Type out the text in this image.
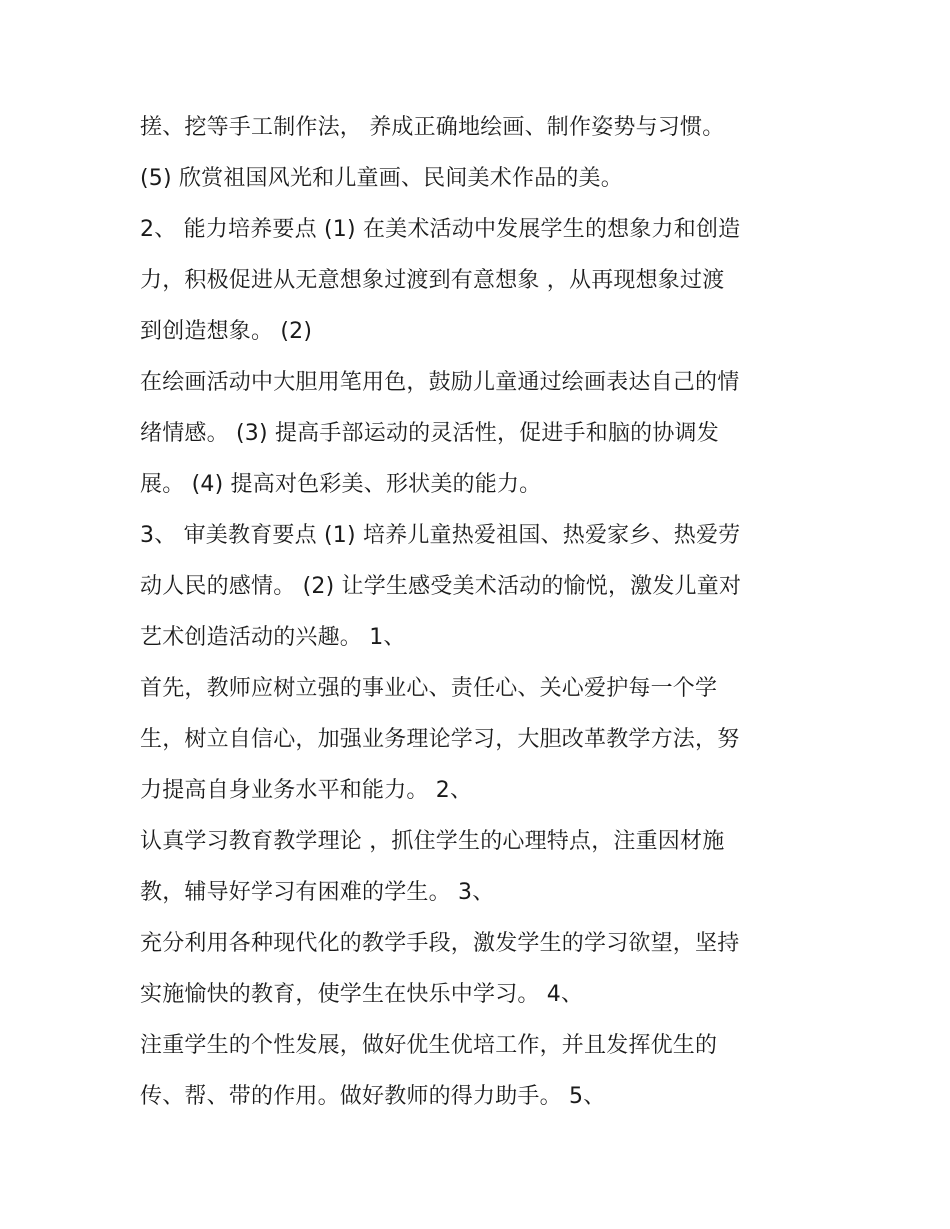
搓、挖等手工制作法， 养成正确地绘画、制作姿势与习惯。
(5) 欣赏祖国风光和儿童画、民间美术作品的美。
2、 能力培养要点 (1) 在美术活动中发展学生的想象力和创造
力，积极促进从无意想象过渡到有意想象 ，从再现想象过渡
到创造想象。 (2)
在绘画活动中大胆用笔用色，鼓励儿童通过绘画表达自己的情
绪情感。 (3) 提高手部运动的灵活性，促进手和脑的协调发
展。 (4) 提高对色彩美、形状美的能力。
3、 审美教育要点 (1) 培养儿童热爱祖国、热爱家乡、热爱劳
动人民的感情。 (2) 让学生感受美术活动的愉悦，激发儿童对
艺术创造活动的兴趣。 1、
首先，教师应树立强的事业心、责任心、关心爱护每一个学
生，树立自信心，加强业务理论学习，大胆改革教学方法，努
力提高自身业务水平和能力。 2、
认真学习教育教学理论 ，抓住学生的心理特点，注重因材施
教，辅导好学习有困难的学生。 3、
充分利用各种现代化的教学手段，激发学生的学习欲望，坚持
实施愉快的教育，使学生在快乐中学习。 4、
注重学生的个性发展，做好优生优培工作，并且发挥优生的
传、帮、带的作用。做好教师的得力助手。 5、
